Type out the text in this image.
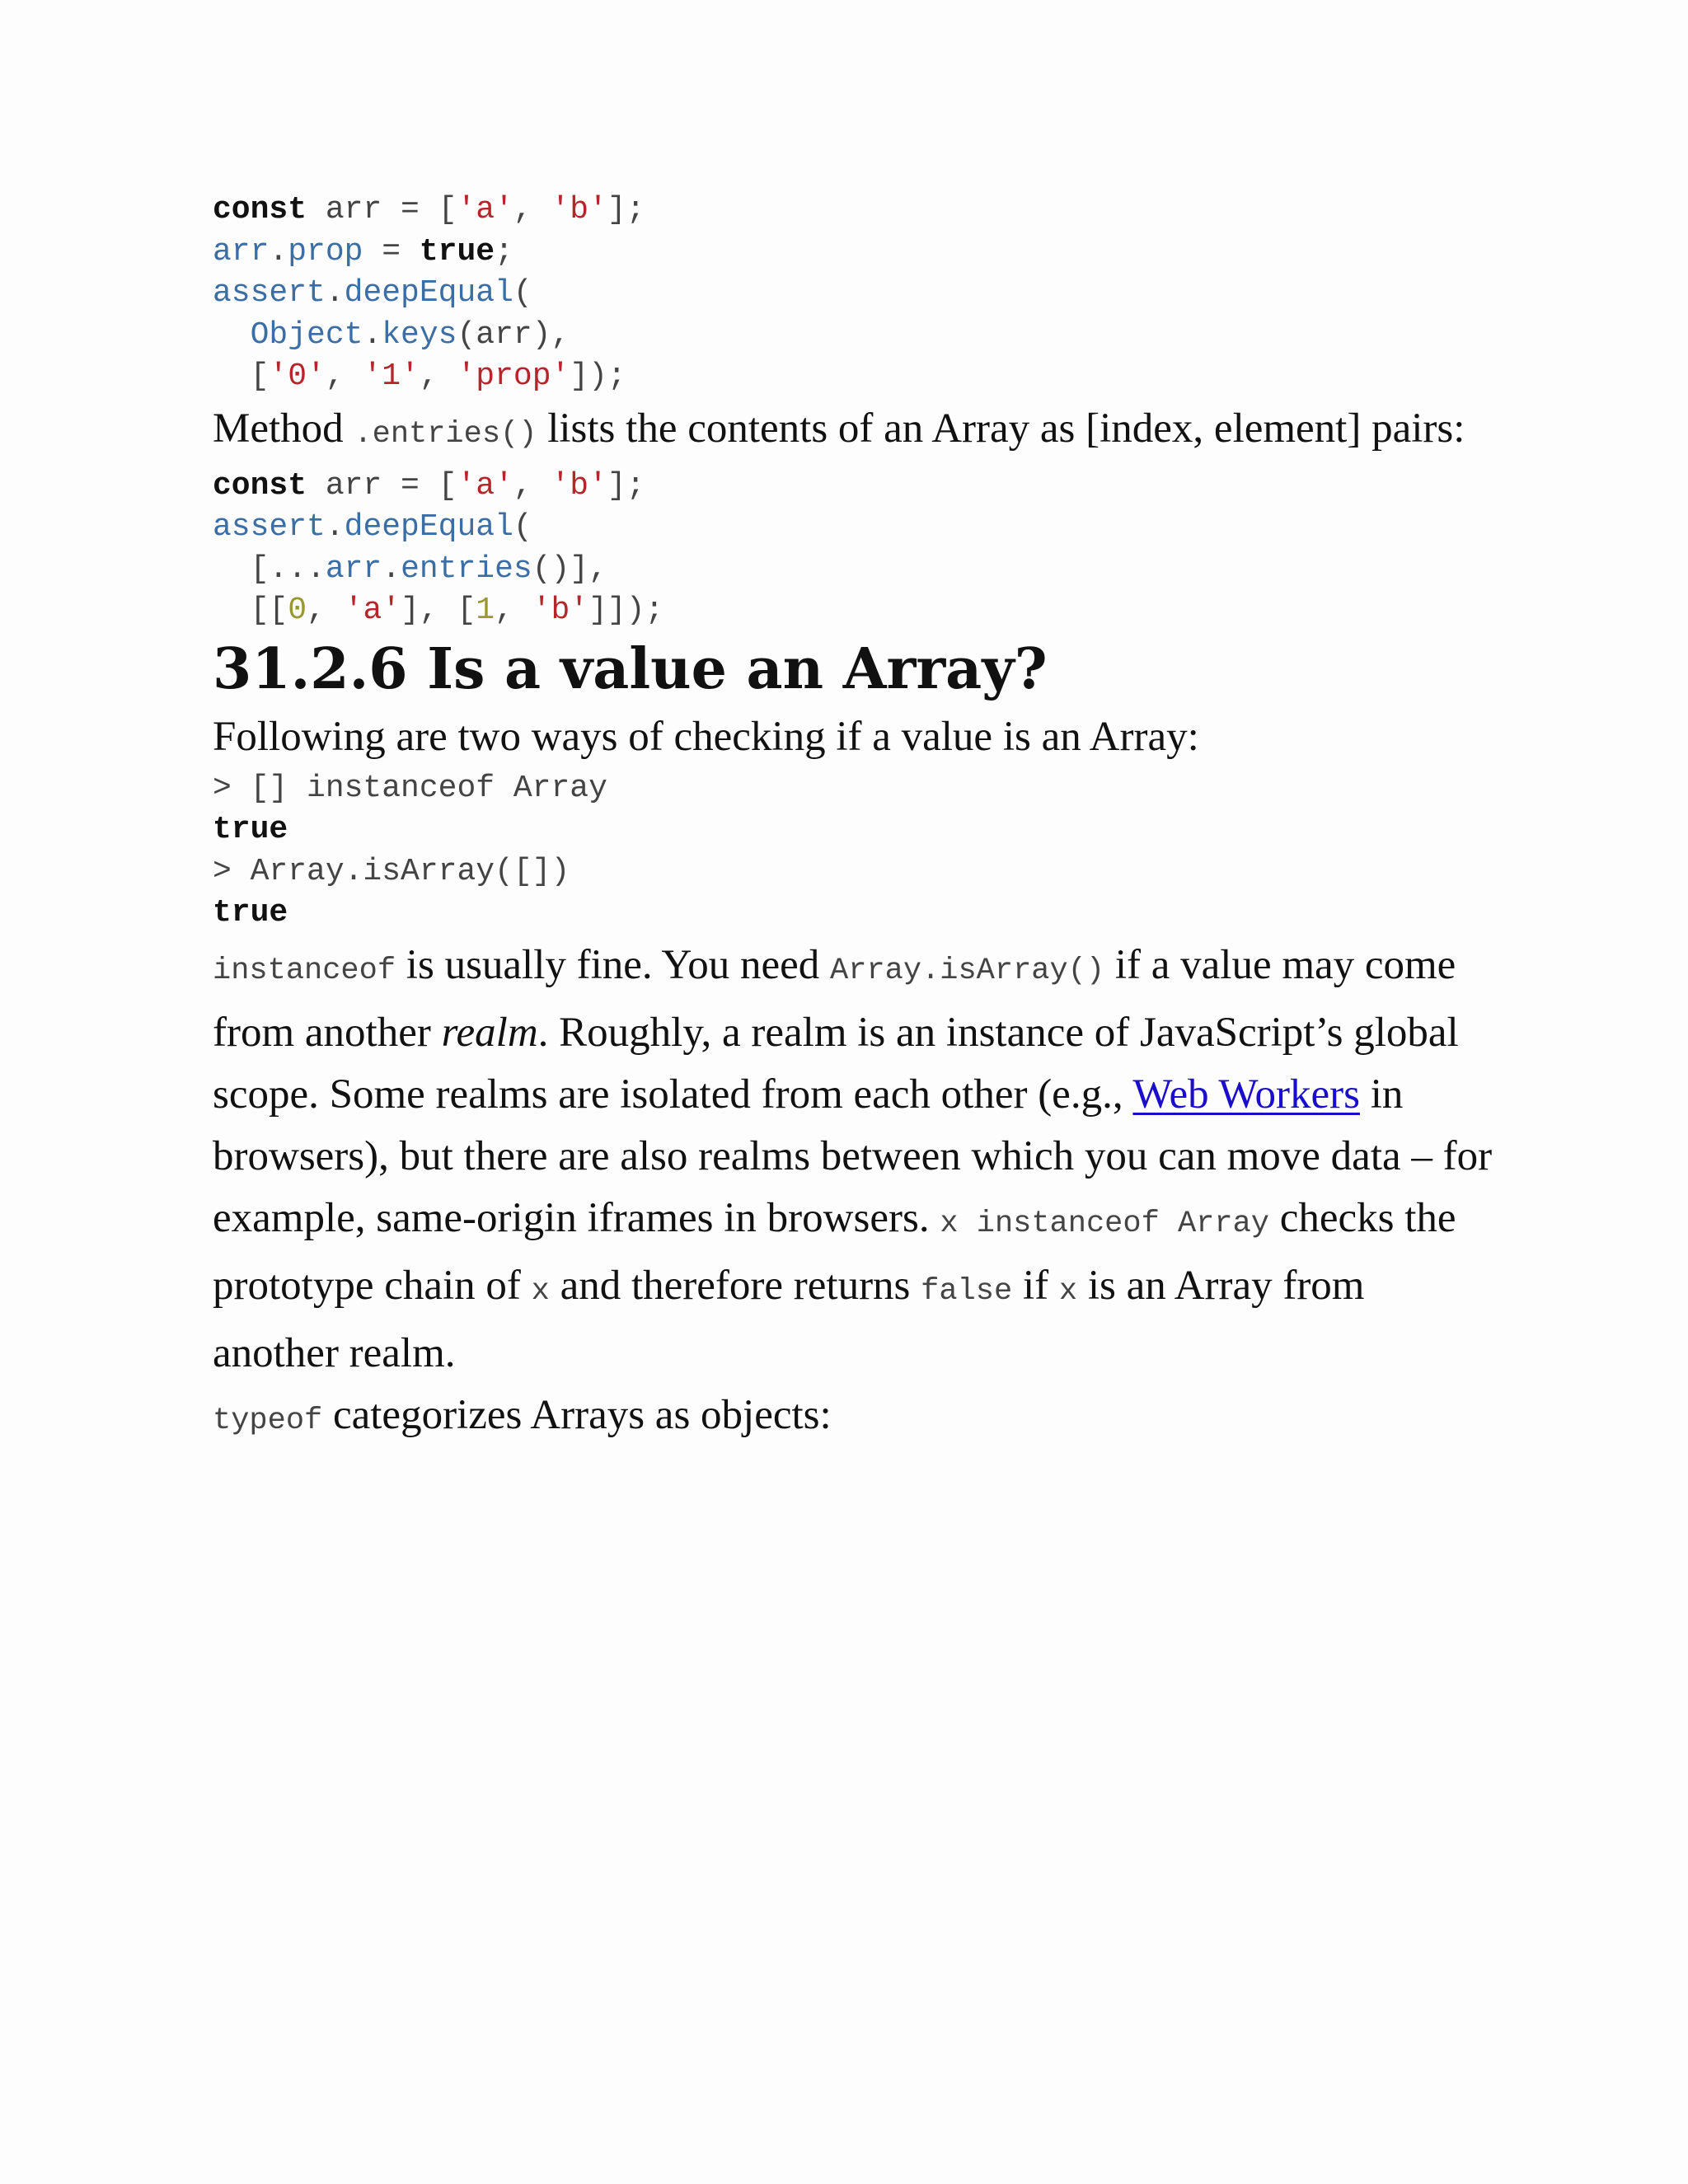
const arr = ['a', 'b'];
arr.prop = true;
assert.deepEqual(
Object.keys(arr),
['0', '1', 'prop']);

Method .entries() lists the contents of an Array as [index, element] pairs:

const arr = ['a', 'b'];
assert.deepEqual(
[...arr.entries()],
[[0, 'a'], [1, 'b']]);
31.2.6 Is a value an Array?

Following are two ways of checking if a value is an Array:

> [] instanceof Array
true
> Array.isArray([])
true

instanceof is usually fine. You need Array.isArray() if a value may come from another realm. Roughly, a realm is an instance of JavaScript’s global scope. Some realms are isolated from each other (e.g., Web Workers in browsers), but there are also realms between which you can move data – for example, same-origin iframes in browsers. x instanceof Array checks the prototype chain of x and therefore returns false if x is an Array from another realm.

typeof categorizes Arrays as objects:
